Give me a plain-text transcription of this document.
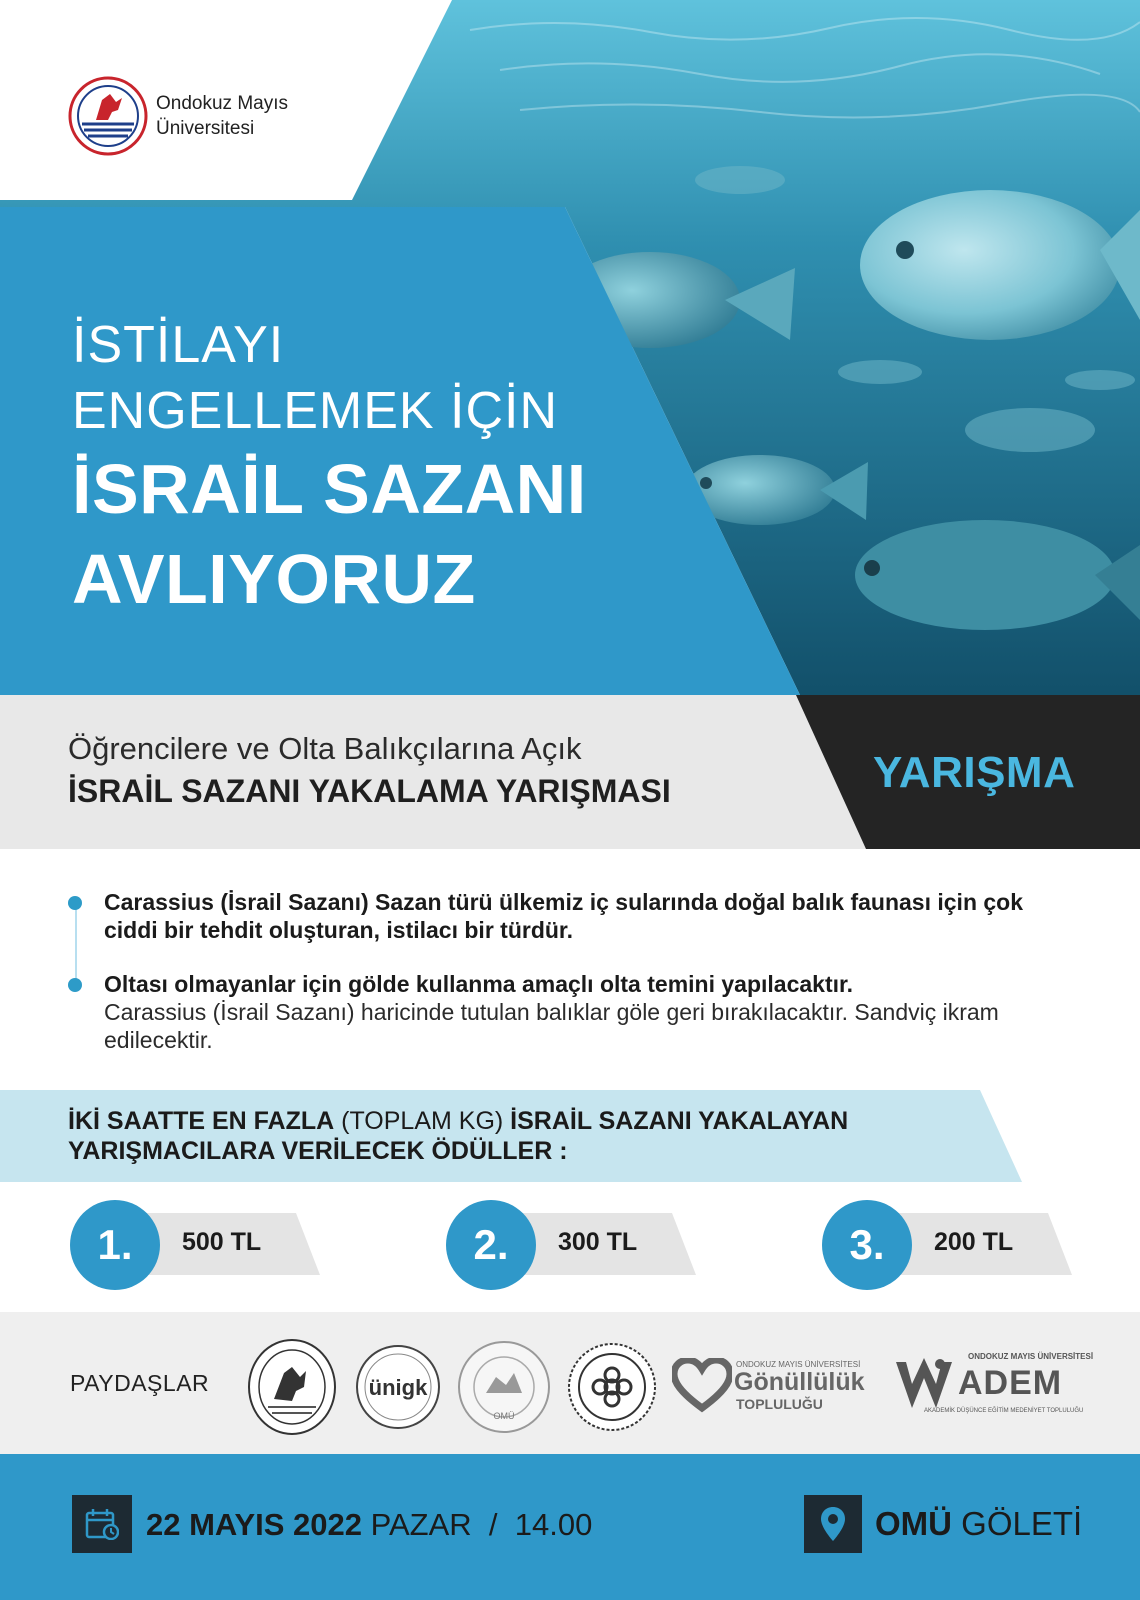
Ondokuz Mayıs
Üniversitesi
İSTİLAYI
ENGELLEMEK İÇİN
İSRAİL SAZANI
AVLIYORUZ
Öğrencilere ve Olta Balıkçılarına Açık
İSRAİL SAZANI YAKALAMA YARIŞMASI	YARIŞMA
Carassius (İsrail Sazanı) Sazan türü ülkemiz iç sularında doğal balık faunası için çok ciddi bir tehdit oluşturan, istilacı bir türdür.
Oltası olmayanlar için gölde kullanma amaçlı olta temini yapılacaktır.
Carassius (İsrail Sazanı) haricinde tutulan balıklar göle geri bırakılacaktır. Sandviç ikram edilecektir.
İKİ SAATTE EN FAZLA (TOPLAM KG) İSRAİL SAZANI YAKALAYAN
YARIŞMACILARA VERİLECEK ÖDÜLLER :
1.	500 TL	2.	300 TL	3.	200 TL
PAYDAŞLAR	ünigk
OMÜ
ONDOKUZ MAYIS ÜNİVERSİTESİ
Gönüllülük
TOPLULUĞU
ONDOKUZ MAYIS ÜNİVERSİTESİ
ADEM
AKADEMİK DÜŞÜNCE EĞİTİM MEDENİYET TOPLULUĞU
22 MAYIS 2022 PAZAR  /  14.00	OMÜ GÖLETİ
